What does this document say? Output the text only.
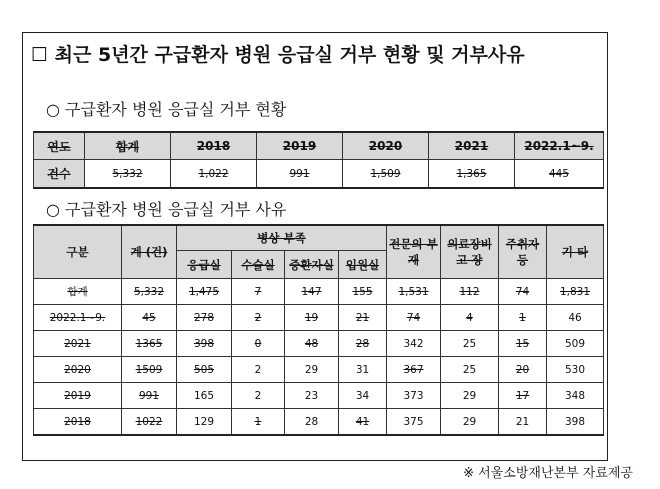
☐ 최근 5년간 구급환자 병원 응급실 거부 현황 및 거부사유
○ 구급환자 병원 응급실 거부 현황
연도	합계	2018	2019	2020	2021	2022.1~9.
건수	5,332	1,022	991	1,509	1,365	445
○ 구급환자 병원 응급실 거부 사유
구분	계 (건)	병상 부족				전문의 부 재	의료장비 고 장	주취자 등	기 타
		응급실	수술실	중환자실	입원실				
합계	5,332	1,475	7	147	155	1,531	112	74	1,831
2022.1~9.	45	278	2	19	21	74	4	1	46
2021	1365	398	0	48	28	342	25	15	509
2020	1509	505	2	29	31	367	25	20	530
2019	991	165	2	23	34	373	29	17	348
2018	1022	129	1	28	41	375	29	21	398
※ 서울소방재난본부 자료제공
